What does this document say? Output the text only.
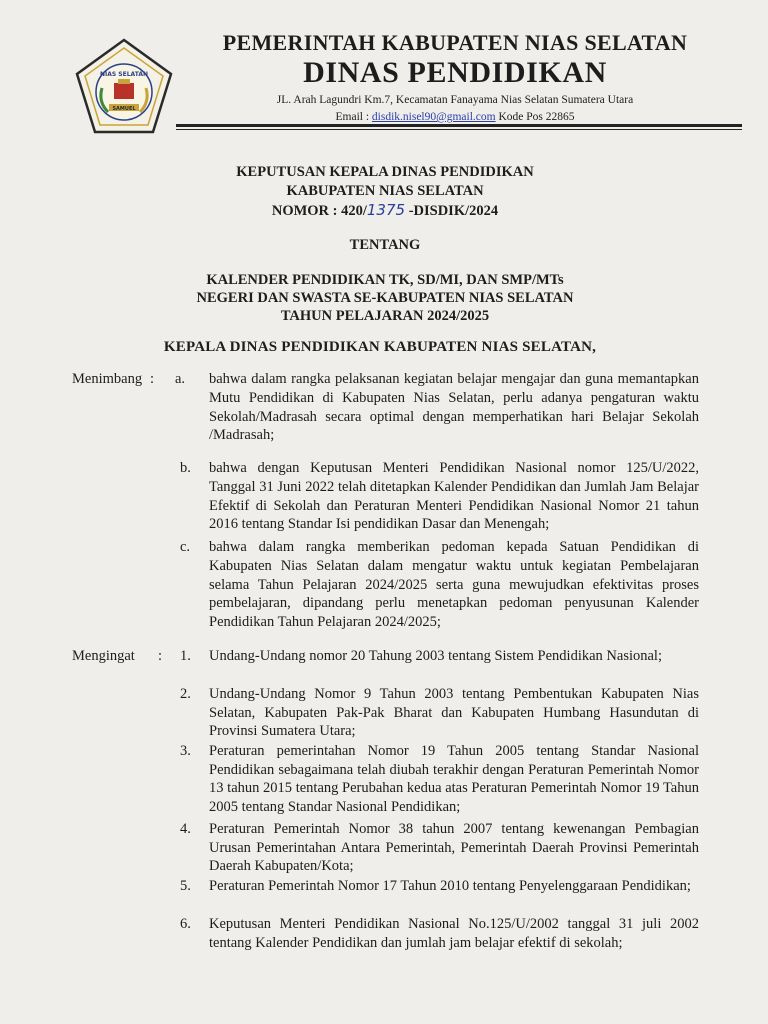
NIAS SELATAN
SAMUEL
PEMERINTAH KABUPATEN NIAS SELATAN
DINAS PENDIDIKAN
JL. Arah Lagundri Km.7, Kecamatan Fanayama Nias Selatan Sumatera Utara
Email : disdik.nisel90@gmail.com Kode Pos 22865
KEPUTUSAN KEPALA DINAS PENDIDIKAN
KABUPATEN NIAS SELATAN
NOMOR : 420/1375 -DISDIK/2024
TENTANG
KALENDER PENDIDIKAN TK, SD/MI, DAN SMP/MTs
NEGERI DAN SWASTA SE-KABUPATEN NIAS SELATAN
TAHUN PELAJARAN 2024/2025
KEPALA DINAS PENDIDIKAN KABUPATEN NIAS SELATAN,
Menimbang : a. bahwa dalam rangka pelaksanan kegiatan belajar mengajar dan guna memantapkan Mutu Pendidikan di Kabupaten Nias Selatan, perlu adanya pengaturan waktu Sekolah/Madrasah secara optimal dengan memperhatikan hari Belajar Sekolah /Madrasah;
b. bahwa dengan Keputusan Menteri Pendidikan Nasional nomor 125/U/2022, Tanggal 31 Juni 2022 telah ditetapkan Kalender Pendidikan dan Jumlah Jam Belajar Efektif di Sekolah dan Peraturan Menteri Pendidikan Nasional Nomor 21 tahun 2016 tentang Standar Isi pendidikan Dasar dan Menengah;
c. bahwa dalam rangka memberikan pedoman kepada Satuan Pendidikan di Kabupaten Nias Selatan dalam mengatur waktu untuk kegiatan Pembelajaran selama Tahun Pelajaran 2024/2025 serta guna mewujudkan efektivitas proses pembelajaran, dipandang perlu menetapkan pedoman penyusunan Kalender Pendidikan Tahun Pelajaran 2024/2025;
Mengingat : 1. Undang-Undang nomor 20 Tahung 2003 tentang Sistem Pendidikan Nasional;
2. Undang-Undang Nomor 9 Tahun 2003 tentang Pembentukan Kabupaten Nias Selatan, Kabupaten Pak-Pak Bharat dan Kabupaten Humbang Hasundutan di Provinsi Sumatera Utara;
3. Peraturan pemerintahan Nomor 19 Tahun 2005 tentang Standar Nasional Pendidikan sebagaimana telah diubah terakhir dengan Peraturan Pemerintah Nomor 13 tahun 2015 tentang Perubahan kedua atas Peraturan Pemerintah Nomor 19 Tahun 2005 tentang Standar Nasional Pendidikan;
4. Peraturan Pemerintah Nomor 38 tahun 2007 tentang kewenangan Pembagian Urusan Pemerintahan Antara Pemerintah, Pemerintah Daerah Provinsi Pemerintah Daerah Kabupaten/Kota;
5. Peraturan Pemerintah Nomor 17 Tahun 2010 tentang Penyelenggaraan Pendidikan;
6. Keputusan Menteri Pendidikan Nasional No.125/U/2002 tanggal 31 juli 2002 tentang Kalender Pendidikan dan jumlah jam belajar efektif di sekolah;
